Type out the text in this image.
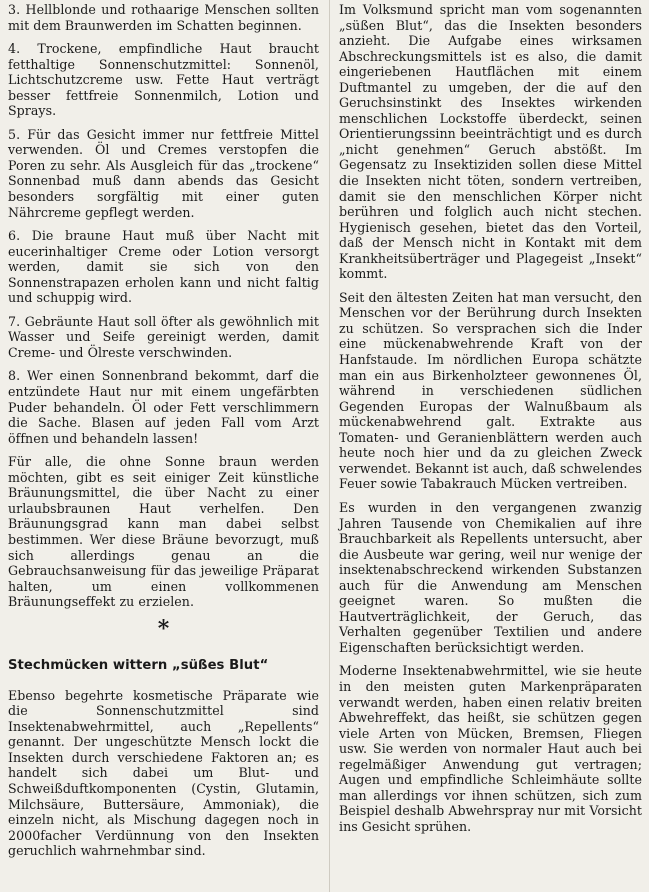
3. Hellblonde und rothaarige Menschen sollten mit dem Braunwerden im Schatten beginnen.

4. Trockene, empfindliche Haut braucht fetthaltige Sonnenschutzmittel: Sonnenöl, Lichtschutzcreme usw. Fette Haut verträgt besser fettfreie Sonnenmilch, Lotion und Sprays.

5. Für das Gesicht immer nur fettfreie Mittel verwenden. Öl und Cremes verstopfen die Poren zu sehr. Als Ausgleich für das „trockene“ Sonnenbad muß dann abends das Gesicht besonders sorgfältig mit einer guten Nährcreme gepflegt werden.

6. Die braune Haut muß über Nacht mit eucerinhaltiger Creme oder Lotion versorgt werden, damit sie sich von den Sonnenstrapazen erholen kann und nicht faltig und schuppig wird.

7. Gebräunte Haut soll öfter als gewöhnlich mit Wasser und Seife gereinigt werden, damit Creme- und Ölreste verschwinden.

8. Wer einen Sonnenbrand bekommt, darf die entzündete Haut nur mit einem ungefärbten Puder behandeln. Öl oder Fett verschlimmern die Sache. Blasen auf jeden Fall vom Arzt öffnen und behandeln lassen!

Für alle, die ohne Sonne braun werden möchten, gibt es seit einiger Zeit künstliche Bräunungsmittel, die über Nacht zu einer urlaubsbraunen Haut verhelfen. Den Bräunungsgrad kann man dabei selbst bestimmen. Wer diese Bräune bevorzugt, muß sich allerdings genau an die Gebrauchsanweisung für das jeweilige Präparat halten, um einen vollkommenen Bräunungseffekt zu erzielen.

*
Stechmücken wittern „süßes Blut“

Ebenso begehrte kosmetische Präparate wie die Sonnenschutzmittel sind Insektenabwehrmittel, auch „Repellents“ genannt. Der ungeschützte Mensch lockt die Insekten durch verschiedene Faktoren an; es handelt sich dabei um Blut- und Schweißduftkomponenten (Cystin, Glutamin, Milchsäure, Buttersäure, Ammoniak), die einzeln nicht, als Mischung dagegen noch in 2000facher Verdünnung von den Insekten geruchlich wahrnehmbar sind.

Im Volksmund spricht man vom sogenannten „süßen Blut“, das die Insekten besonders anzieht. Die Aufgabe eines wirksamen Abschreckungsmittels ist es also, die damit eingeriebenen Hautflächen mit einem Duftmantel zu umgeben, der die auf den Geruchsinstinkt des Insektes wirkenden menschlichen Lockstoffe überdeckt, seinen Orientierungssinn beeinträchtigt und es durch „nicht genehmen“ Geruch abstößt. Im Gegensatz zu Insektiziden sollen diese Mittel die Insekten nicht töten, sondern vertreiben, damit sie den menschlichen Körper nicht berühren und folglich auch nicht stechen. Hygienisch gesehen, bietet das den Vorteil, daß der Mensch nicht in Kontakt mit dem Krankheitsüberträger und Plagegeist „Insekt“ kommt.

Seit den ältesten Zeiten hat man versucht, den Menschen vor der Berührung durch Insekten zu schützen. So versprachen sich die Inder eine mückenabwehrende Kraft von der Hanfstaude. Im nördlichen Europa schätzte man ein aus Birkenholzteer gewonnenes Öl, während in verschiedenen südlichen Gegenden Europas der Walnußbaum als mückenabwehrend galt. Extrakte aus Tomaten- und Geranienblättern werden auch heute noch hier und da zu gleichen Zweck verwendet. Bekannt ist auch, daß schwelendes Feuer sowie Tabakrauch Mücken vertreiben.

Es wurden in den vergangenen zwanzig Jahren Tausende von Chemikalien auf ihre Brauchbarkeit als Repellents untersucht, aber die Ausbeute war gering, weil nur wenige der insektenabschreckend wirkenden Substanzen auch für die Anwendung am Menschen geeignet waren. So mußten die Hautverträglichkeit, der Geruch, das Verhalten gegenüber Textilien und andere Eigenschaften berücksichtigt werden.

Moderne Insektenabwehrmittel, wie sie heute in den meisten guten Markenpräparaten verwandt werden, haben einen relativ breiten Abwehreffekt, das heißt, sie schützen gegen viele Arten von Mücken, Bremsen, Fliegen usw. Sie werden von normaler Haut auch bei regelmäßiger Anwendung gut vertragen; Augen und empfindliche Schleimhäute sollte man allerdings vor ihnen schützen, sich zum Beispiel deshalb Abwehrspray nur mit Vorsicht ins Gesicht sprühen.
